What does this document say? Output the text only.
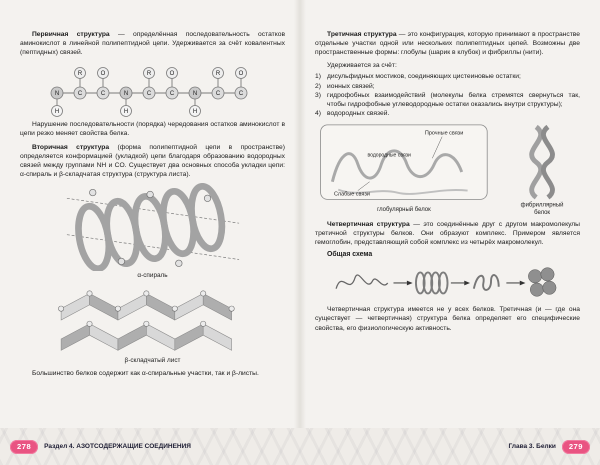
Первичная структура — определённая последовательность остатков аминокислот в линейной полипептидной цепи. Удерживается за счёт ковалентных (пептидных) связей.

N	C	C	N	C	C	N	C	C
R	O	R	O	R	O
H	H	H

Нарушение последовательности (порядка) чередования остатков аминокислот в цепи резко меняет свойства белка.

Вторичная структура (форма полипептидной цепи в пространстве) определяется конформацией (укладкой) цепи благодаря образованию водородных связей между группами NH и CO. Существует два основных способа укладки цепи: α-спираль и β-складчатая структура (структура листа).

α-спираль
β-складчатый лист

Большинство белков содержит как α-спиральные участки, так и β-листы.

Третичная структура — это конфигурация, которую принимают в пространстве отдельные участки одной или нескольких полипептидных цепей. Возможны две пространственные формы: глобулы (шарик в клубок) и фибриллы (нити).

Удерживается за счёт:

1) дисульфидных мостиков, соединяющих цистеиновые остатки;
2) ионных связей;
3) гидрофобных взаимодействий (молекулы белка стремятся свернуться так, чтобы гидрофобные углеводородные остатки оказались внутри структуры);
4) водородных связей.
Прочные связи
водородные связи
Слабые связи
глобулярный белок
фибриллярный
белок

Четвертичная структура — это соединённые друг с другом макромолекулы третичной структуры белков. Они образуют комплекс. Примером является гемоглобин, представляющий собой комплекс из четырёх макромолекул.

Общая схема

Четвертичная структура имеется не у всех белков. Третичная (и — где она существует — четвертичная) структура белка определяет его специфические свойства, его физиологическую активность.

278	Раздел 4. АЗОТСОДЕРЖАЩИЕ СОЕДИНЕНИЯ	Глава 3. Белки	279
